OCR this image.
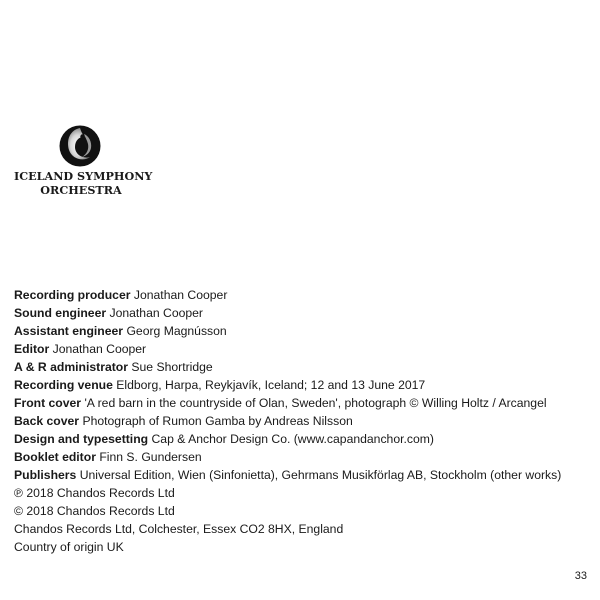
ICELAND SYMPHONY
ORCHESTRA
Recording producer Jonathan Cooper
Sound engineer Jonathan Cooper
Assistant engineer Georg Magnússon
Editor Jonathan Cooper
A & R administrator Sue Shortridge
Recording venue Eldborg, Harpa, Reykjavík, Iceland; 12 and 13 June 2017
Front cover 'A red barn in the countryside of Olan, Sweden', photograph © Willing Holtz / Arcangel
Back cover Photograph of Rumon Gamba by Andreas Nilsson
Design and typesetting Cap & Anchor Design Co. (www.capandanchor.com)
Booklet editor Finn S. Gundersen
Publishers Universal Edition, Wien (Sinfonietta), Gehrmans Musikförlag AB, Stockholm (other works)
℗ 2018 Chandos Records Ltd
© 2018 Chandos Records Ltd
Chandos Records Ltd, Colchester, Essex CO2 8HX, England
Country of origin UK
33
